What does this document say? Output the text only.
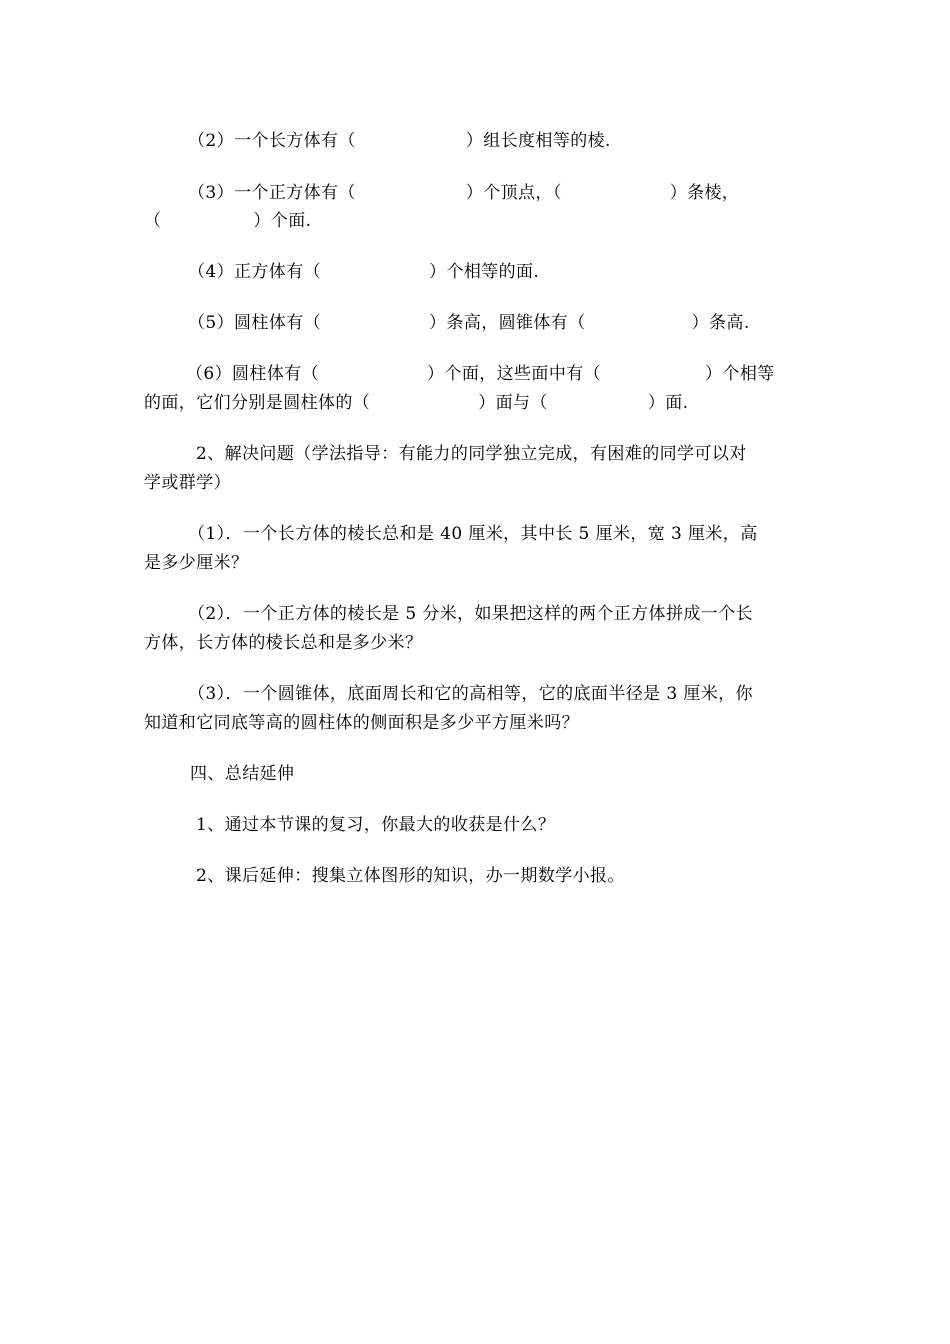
（2）一个长方体有（	）组长度相等的棱.
（3）一个正方体有（	）个顶点，（	）条棱，
（	）个面.
（4）正方体有（	）个相等的面.
（5）圆柱体有（	）条高，圆锥体有（	）条高.
（6）圆柱体有（	）个面，这些面中有（	）个相等
的面，它们分别是圆柱体的（	）面与（	）面.
2、解决问题（学法指导：有能力的同学独立完成，有困难的同学可以对
学或群学）
（1）．一个长方体的棱长总和是 40 厘米，其中长 5 厘米，宽 3 厘米，高
是多少厘米？
（2）．一个正方体的棱长是 5 分米，如果把这样的两个正方体拼成一个长
方体，长方体的棱长总和是多少米？
（3）．一个圆锥体，底面周长和它的高相等，它的底面半径是 3 厘米，你
知道和它同底等高的圆柱体的侧面积是多少平方厘米吗？
四、总结延伸
1、通过本节课的复习，你最大的收获是什么？
2、课后延伸：搜集立体图形的知识，办一期数学小报。
